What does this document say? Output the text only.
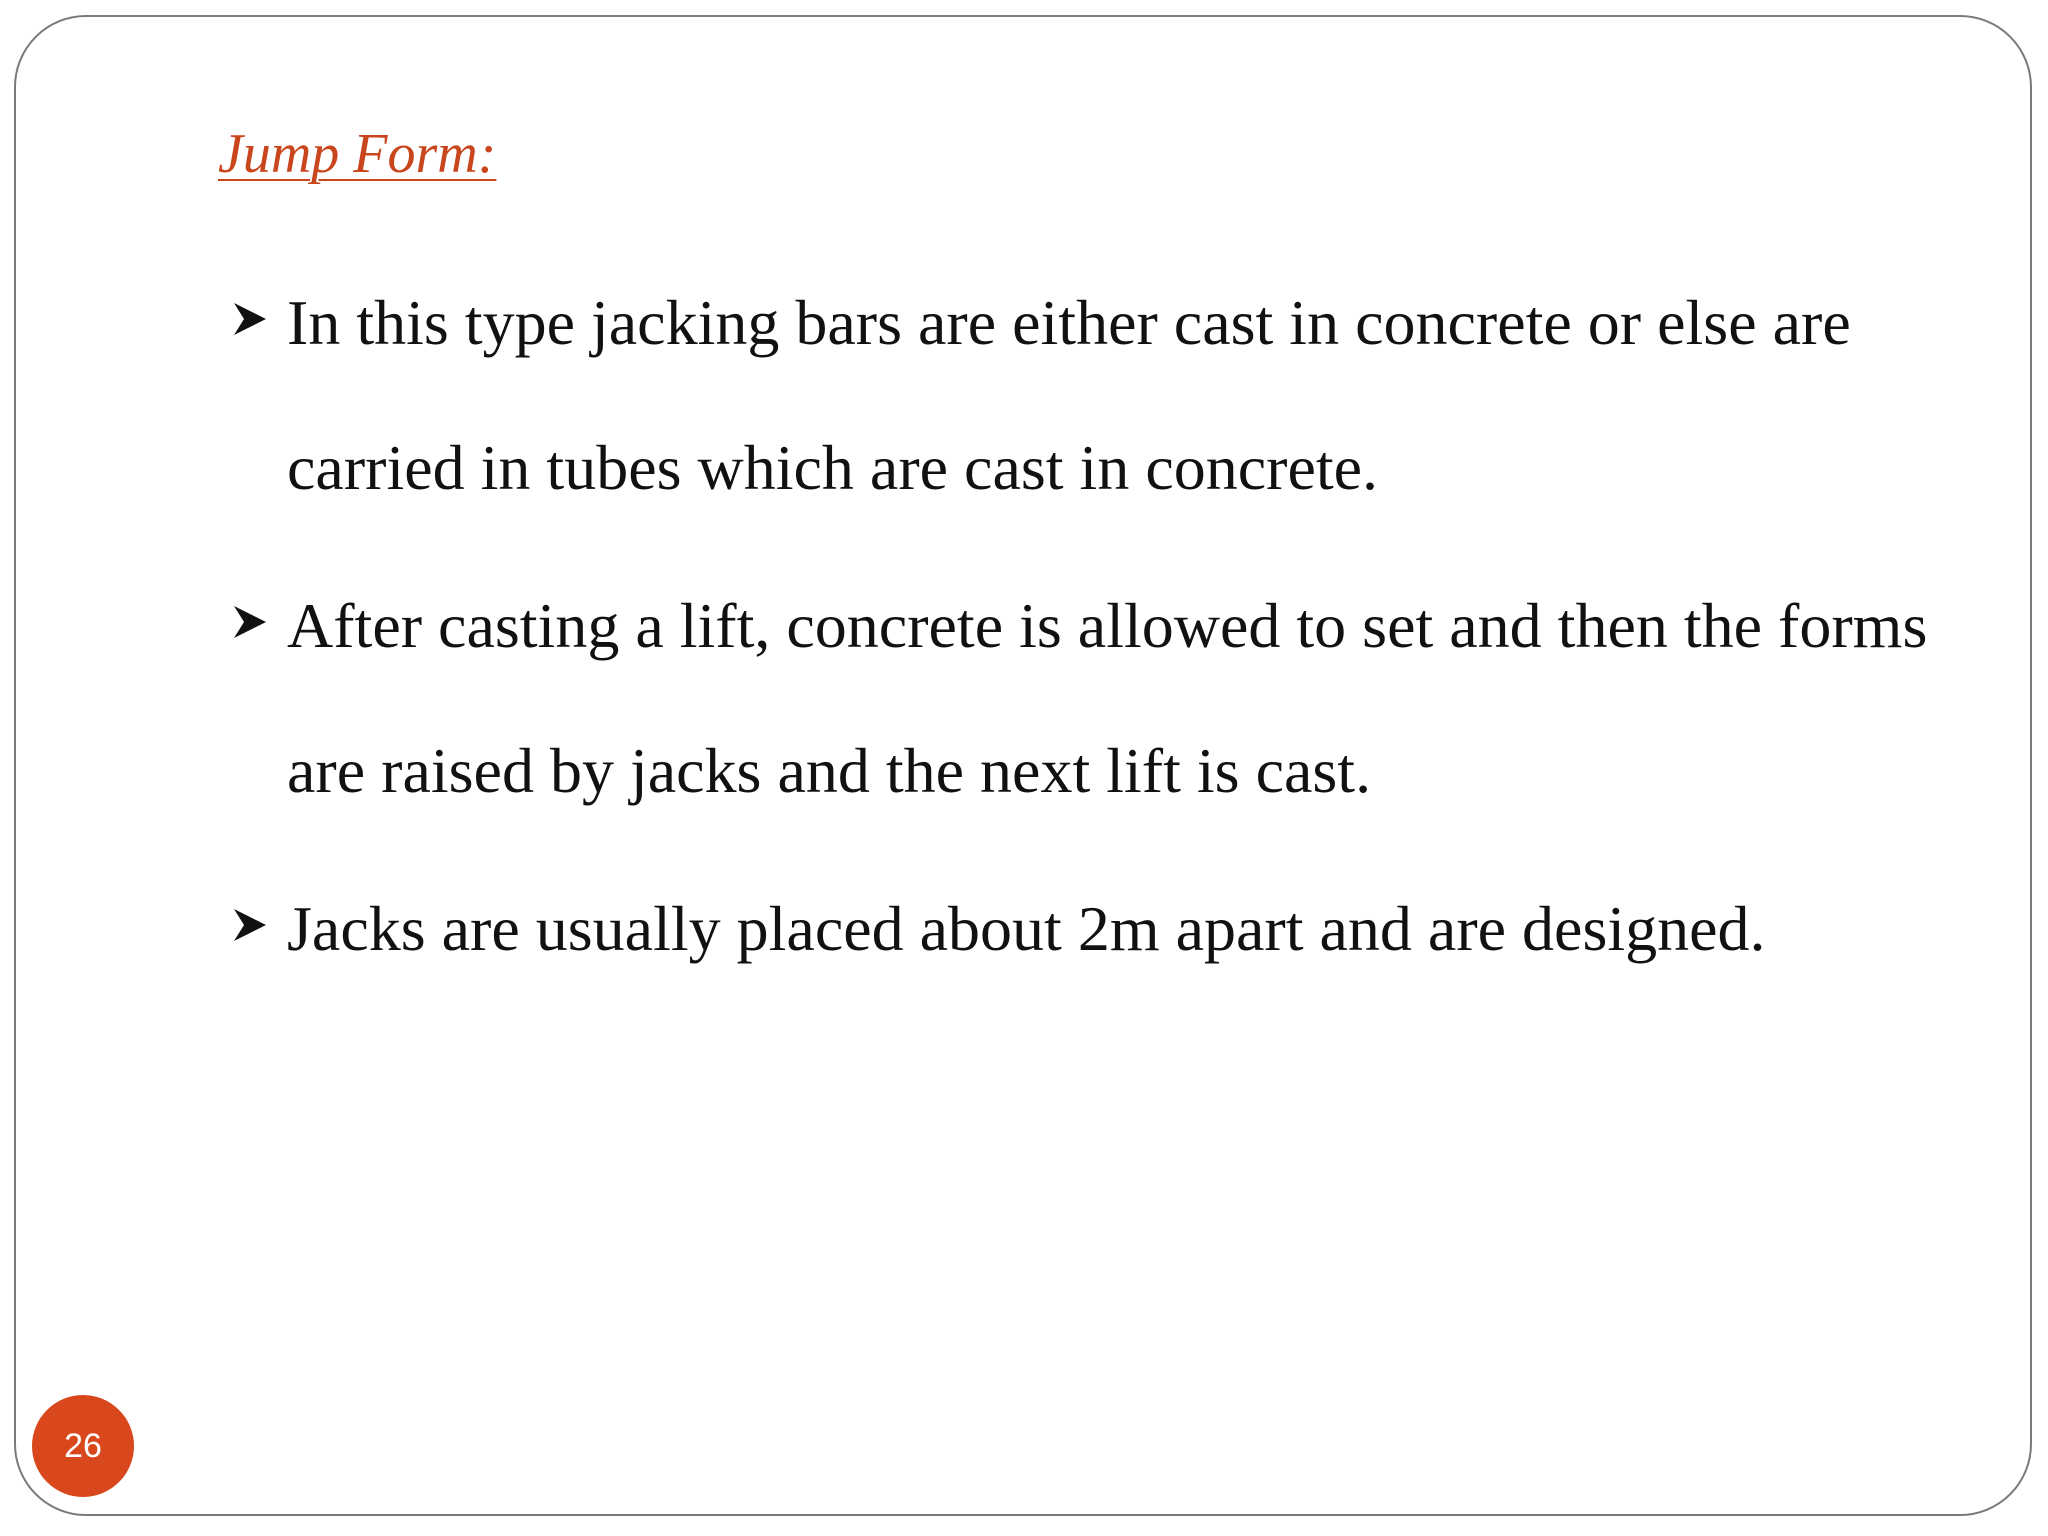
Jump Form:
In this type jacking bars are either cast in concrete or else are carried in tubes which are cast in concrete.
After casting a lift, concrete is allowed to set and then the forms are raised by jacks and the next lift is cast.
Jacks are usually placed about 2m apart and are designed.
26
